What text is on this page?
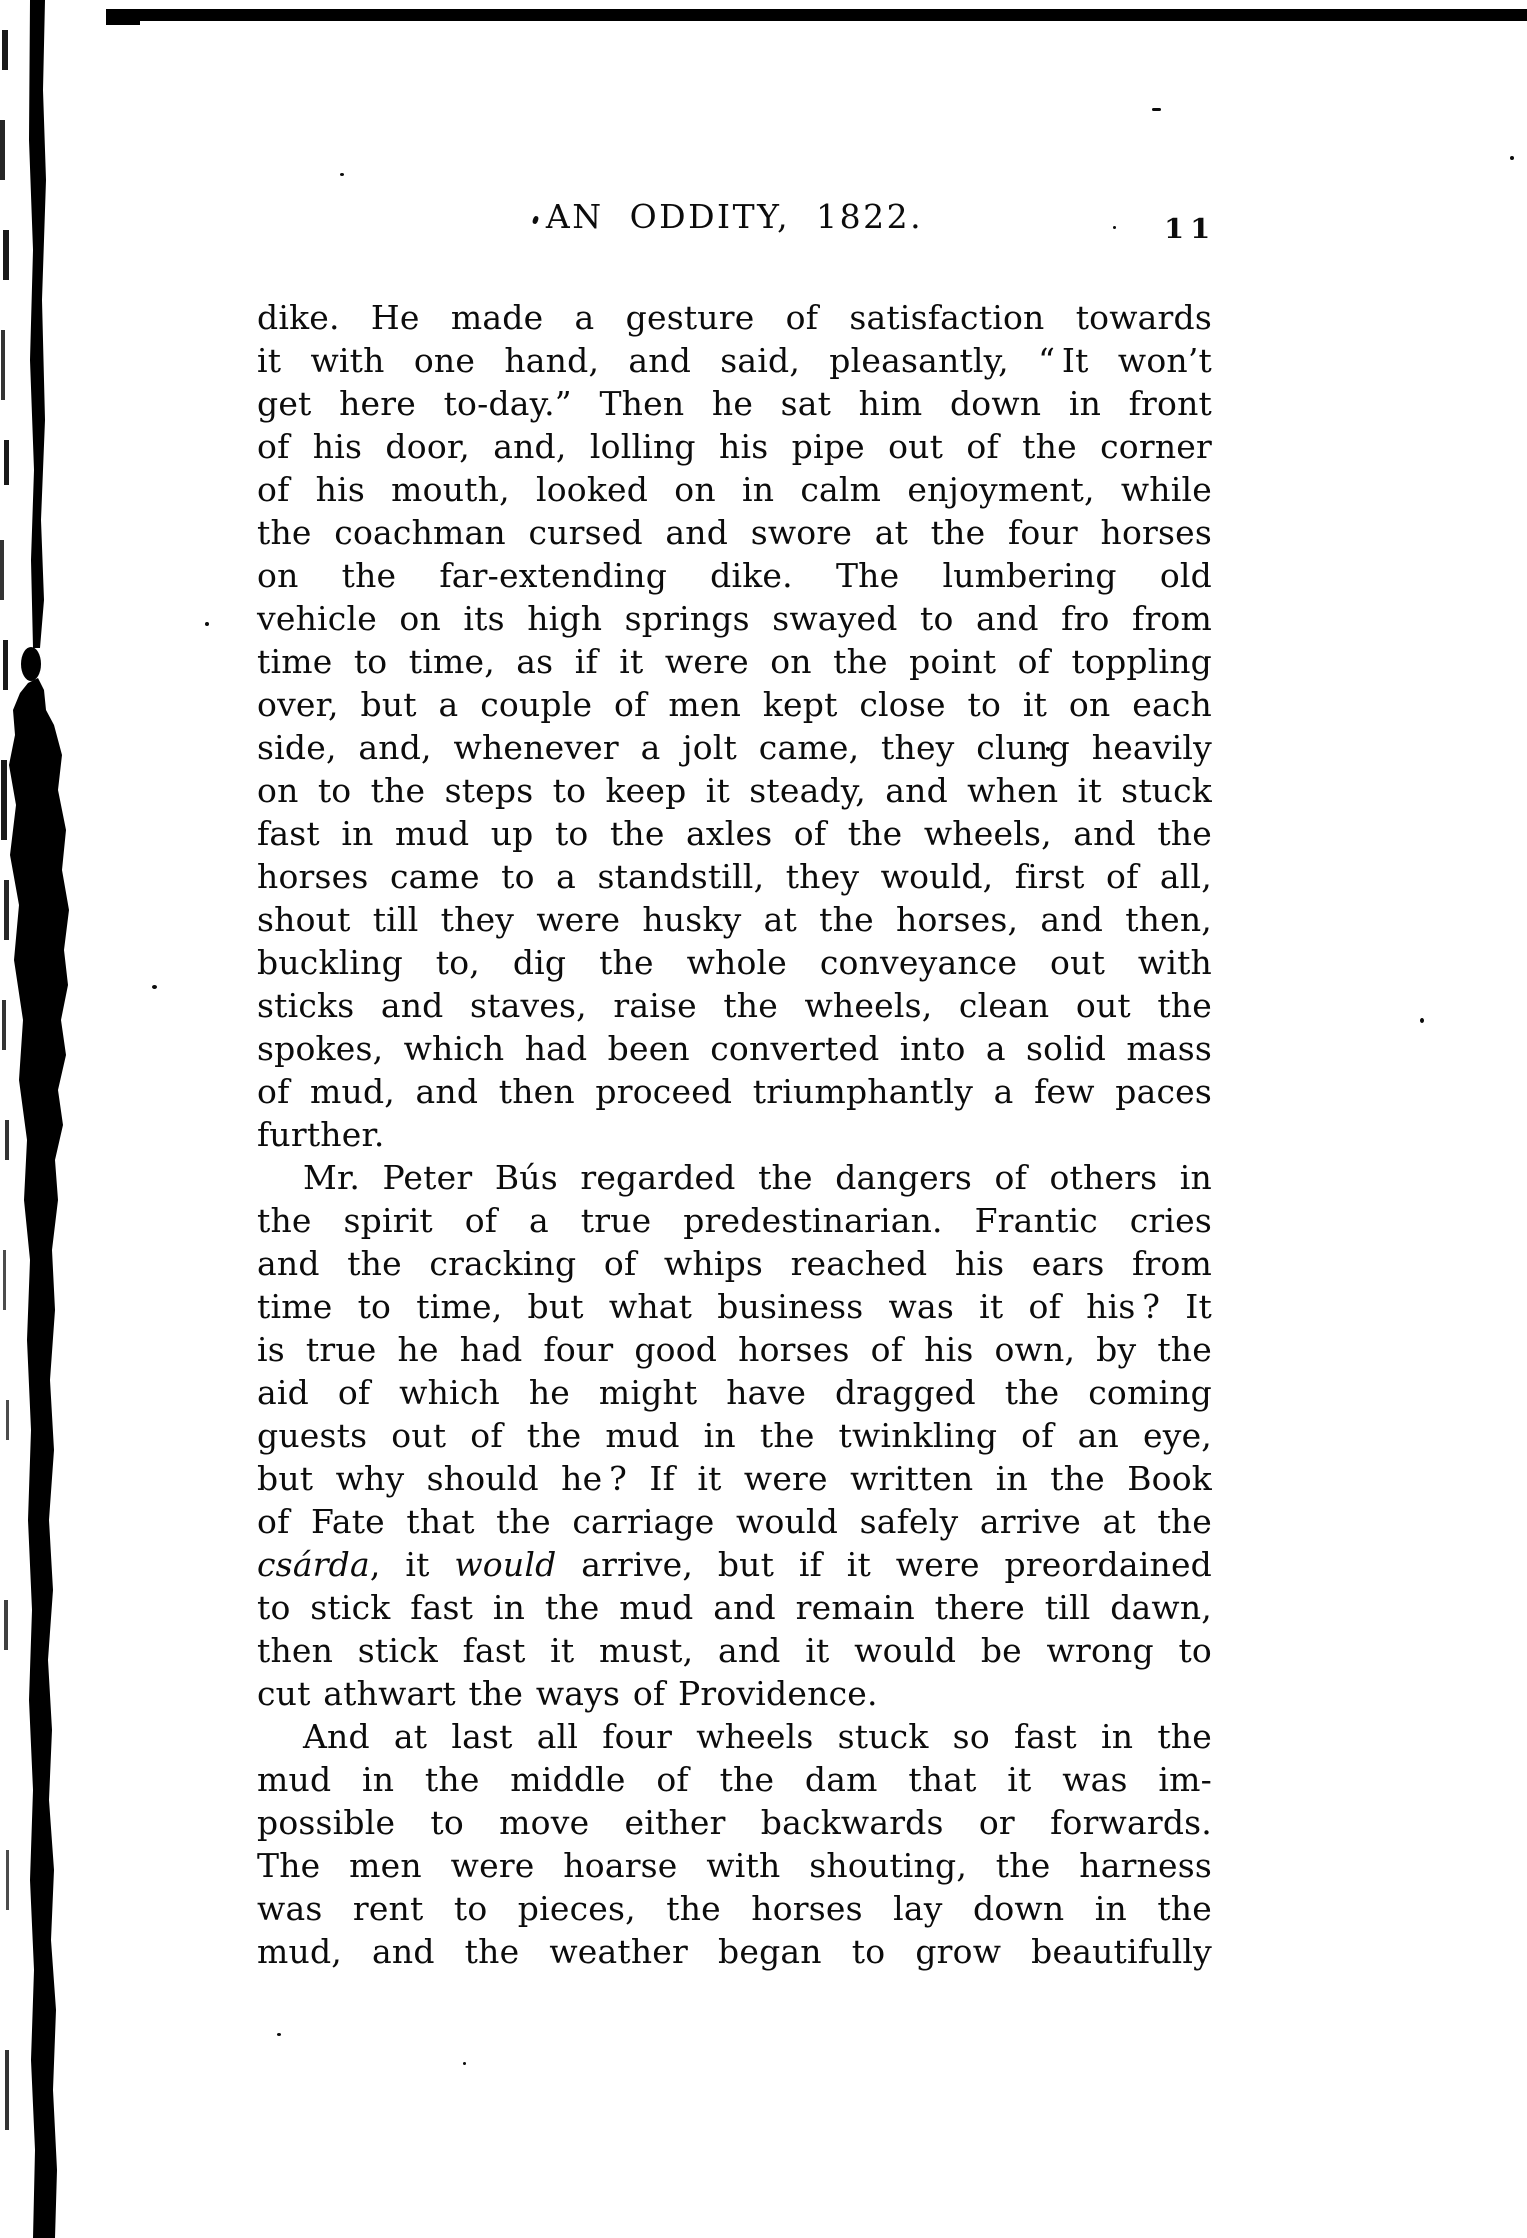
AN ODDITY, 1822.	11
dike. He made a gesture of satisfaction towards
it with one hand, and said, pleasantly, “ It won’t
get here to-day.” Then he sat him down in front
of his door, and, lolling his pipe out of the corner
of his mouth, looked on in calm enjoyment, while
the coachman cursed and swore at the four horses
on the far-extending dike. The lumbering old
vehicle on its high springs swayed to and fro from
time to time, as if it were on the point of toppling
over, but a couple of men kept close to it on each
side, and, whenever a jolt came, they clung heavily
on to the steps to keep it steady, and when it stuck
fast in mud up to the axles of the wheels, and the
horses came to a standstill, they would, first of all,
shout till they were husky at the horses, and then,
buckling to, dig the whole conveyance out with
sticks and staves, raise the wheels, clean out the
spokes, which had been converted into a solid mass
of mud, and then proceed triumphantly a few paces
further.
Mr. Peter Bús regarded the dangers of others in
the spirit of a true predestinarian. Frantic cries
and the cracking of whips reached his ears from
time to time, but what business was it of his ? It
is true he had four good horses of his own, by the
aid of which he might have dragged the coming
guests out of the mud in the twinkling of an eye,
but why should he ? If it were written in the Book
of Fate that the carriage would safely arrive at the
csárda, it would arrive, but if it were preordained
to stick fast in the mud and remain there till dawn,
then stick fast it must, and it would be wrong to
cut athwart the ways of Providence.
And at last all four wheels stuck so fast in the
mud in the middle of the dam that it was im-
possible to move either backwards or forwards.
The men were hoarse with shouting, the harness
was rent to pieces, the horses lay down in the
mud, and the weather began to grow beautifully
